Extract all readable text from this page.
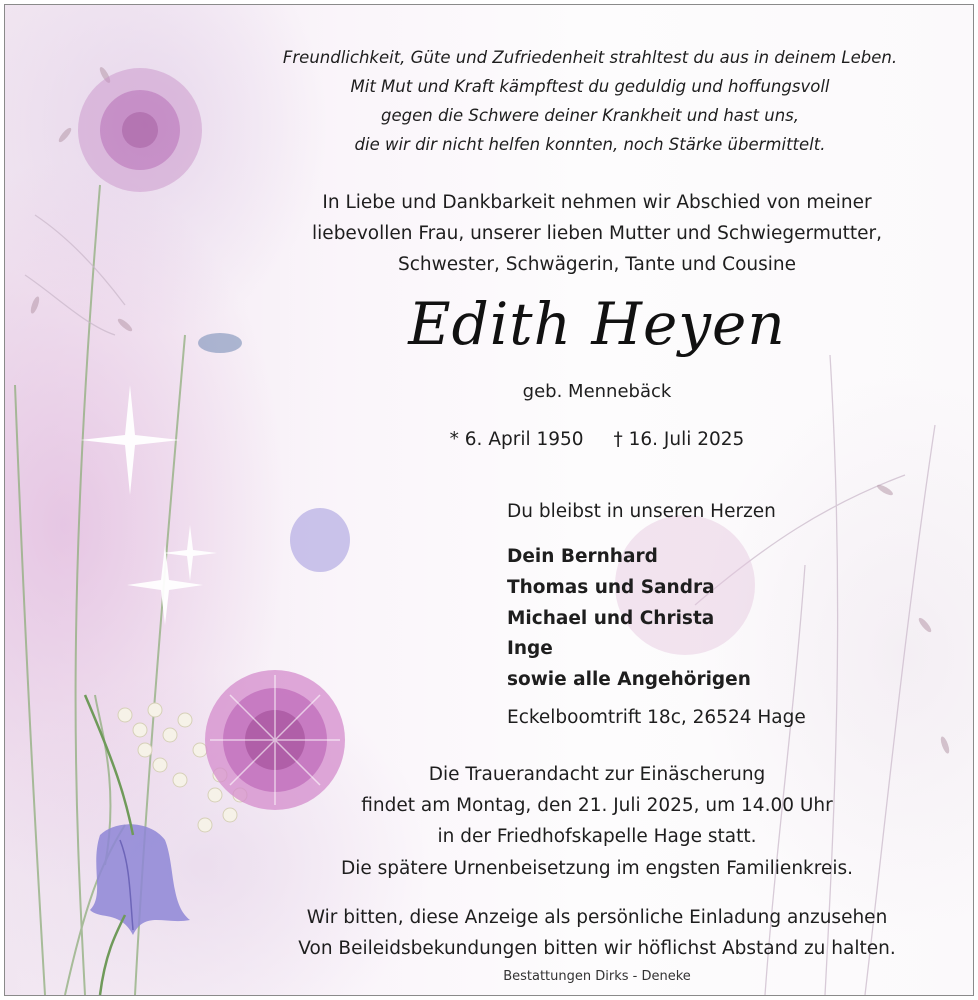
Freundlichkeit, Güte und Zufriedenheit strahltest du aus in deinem Leben.
Mit Mut und Kraft kämpftest du geduldig und hoffungsvoll
gegen die Schwere deiner Krankheit und hast uns,
die wir dir nicht helfen konnten, noch Stärke übermittelt.
In Liebe und Dankbarkeit nehmen wir Abschied von meiner
liebevollen Frau, unserer lieben Mutter und Schwiegermutter,
Schwester, Schwägerin, Tante und Cousine
Edith Heyen
geb. Mennebäck
* 6. April 1950 † 16. Juli 2025
Du bleibst in unseren Herzen
Dein Bernhard
Thomas und Sandra
Michael und Christa
Inge
sowie alle Angehörigen
Eckelboomtrift 18c, 26524 Hage
Die Trauerandacht zur Einäscherung
findet am Montag, den 21. Juli 2025, um 14.00 Uhr
in der Friedhofskapelle Hage statt.
Die spätere Urnenbeisetzung im engsten Familienkreis.
Wir bitten, diese Anzeige als persönliche Einladung anzusehen
Von Beileidsbekundungen bitten wir höflichst Abstand zu halten.
Bestattungen Dirks - Deneke
